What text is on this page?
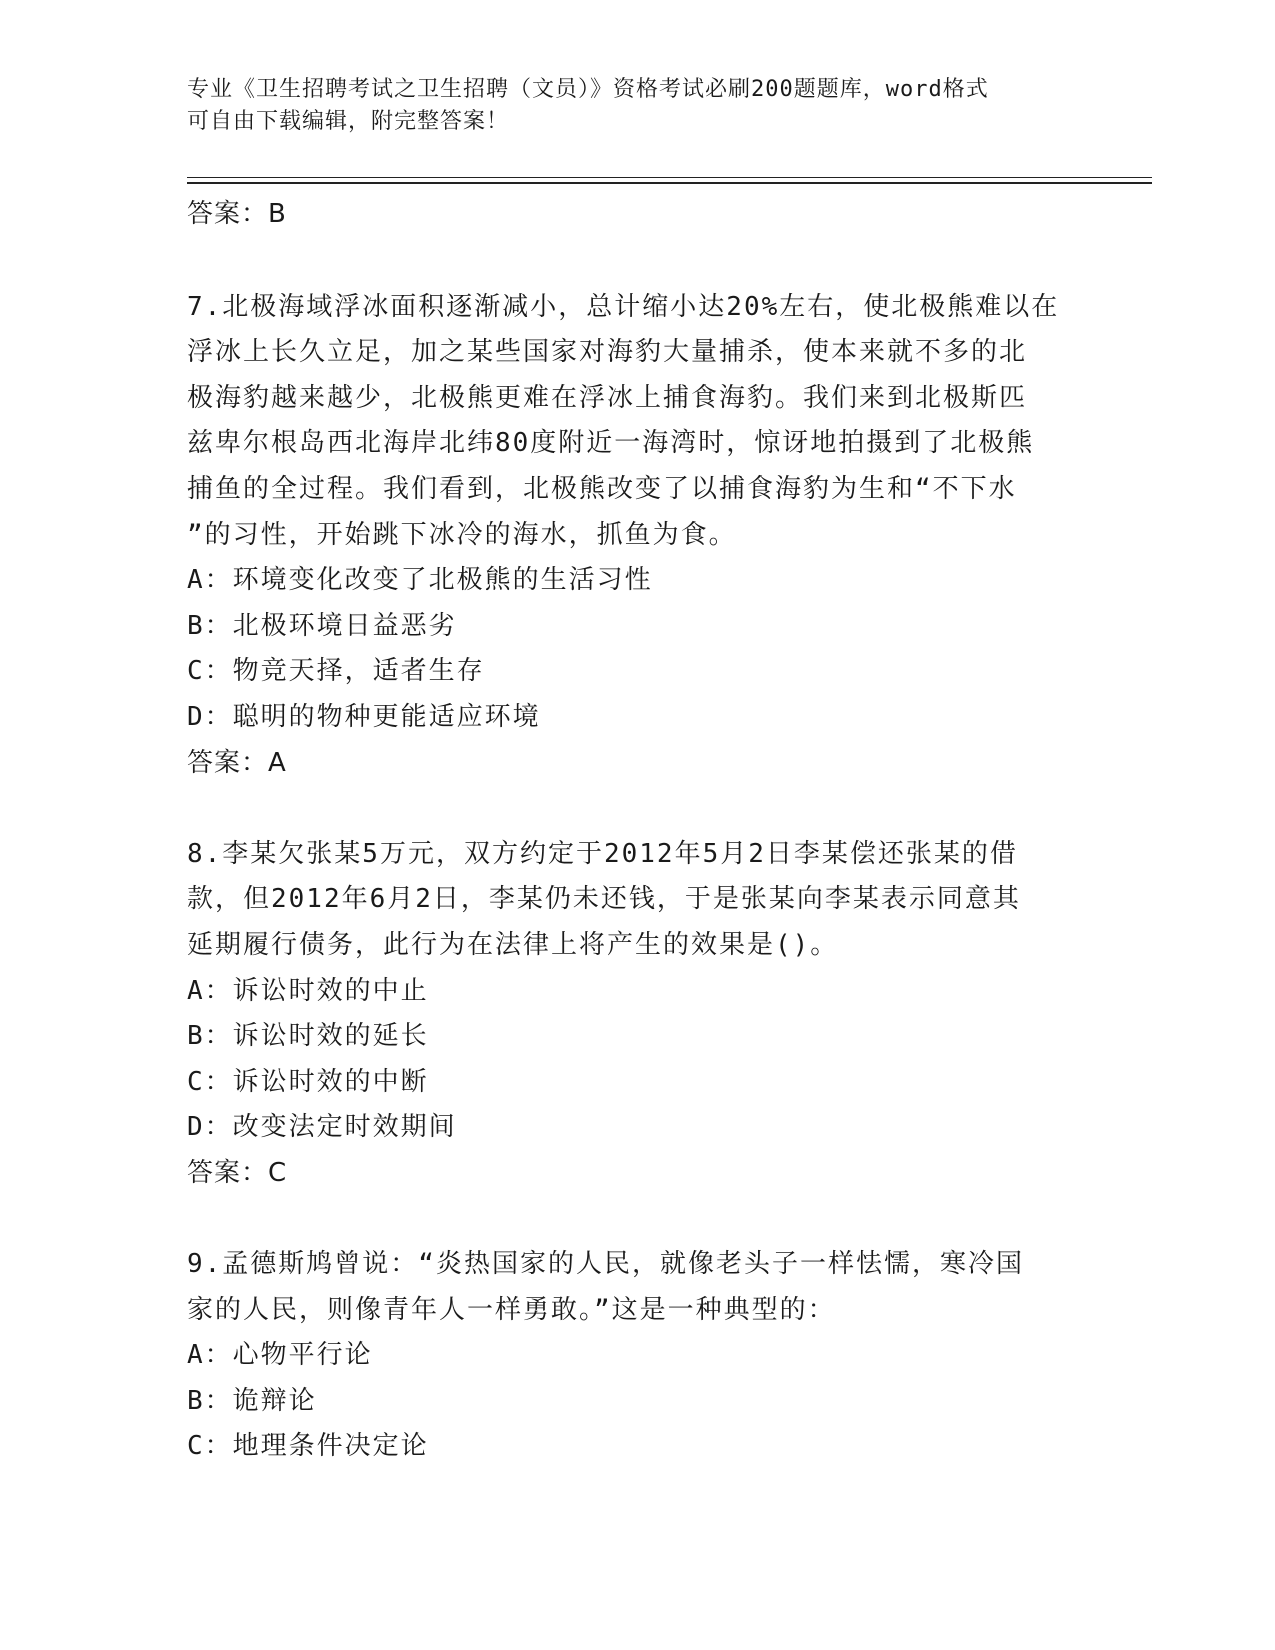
专业《卫生招聘考试之卫生招聘（文员）》资格考试必刷200题题库，word格式
可自由下载编辑，附完整答案！
答案：B
7.北极海域浮冰面积逐渐减小，总计缩小达20%左右，使北极熊难以在
浮冰上长久立足，加之某些国家对海豹大量捕杀，使本来就不多的北
极海豹越来越少，北极熊更难在浮冰上捕食海豹。我们来到北极斯匹
兹卑尔根岛西北海岸北纬80度附近一海湾时，惊讶地拍摄到了北极熊
捕鱼的全过程。我们看到，北极熊改变了以捕食海豹为生和“不下水
”的习性，开始跳下冰冷的海水，抓鱼为食。
A：环境变化改变了北极熊的生活习性
B：北极环境日益恶劣
C：物竞天择，适者生存
D：聪明的物种更能适应环境
答案：A
8.李某欠张某5万元，双方约定于2012年5月2日李某偿还张某的借
款，但2012年6月2日，李某仍未还钱，于是张某向李某表示同意其
延期履行债务，此行为在法律上将产生的效果是()。
A：诉讼时效的中止
B：诉讼时效的延长
C：诉讼时效的中断
D：改变法定时效期间
答案：C
9.孟德斯鸠曾说：“炎热国家的人民，就像老头子一样怯懦，寒冷国
家的人民，则像青年人一样勇敢。”这是一种典型的：
A：心物平行论
B：诡辩论
C：地理条件决定论
